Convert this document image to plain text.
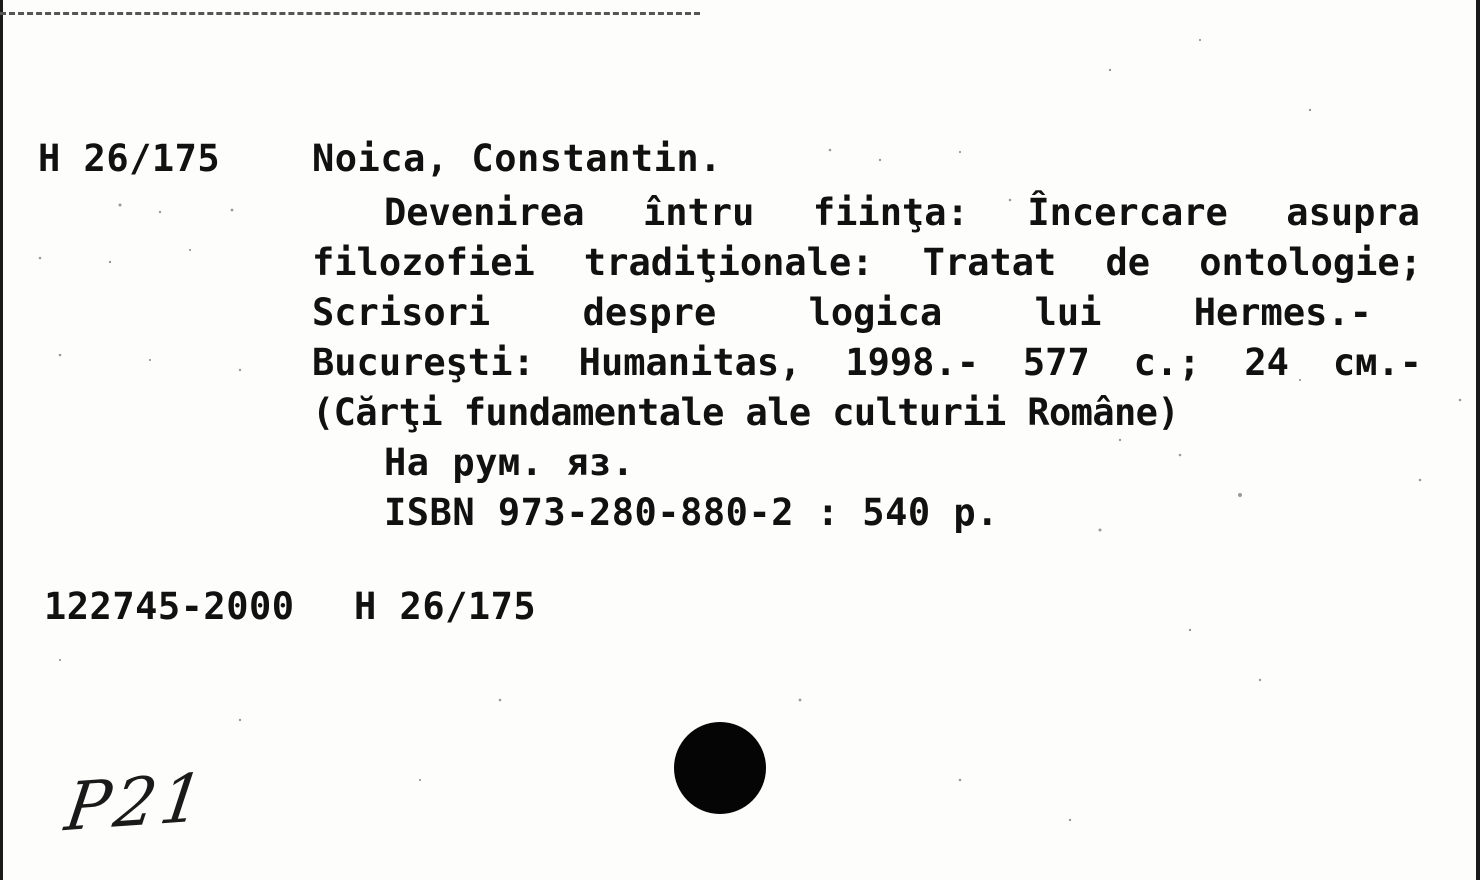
Н 26/175 Noica, Constantin.
Devenirea întru fiinţa: Încercare asupra
filozofiei tradiţionale: Tratat de ontologie;
Scrisori despre logica lui Hermes.-
Bucureşti: Humanitas, 1998.- 577 с.; 24 см.-
(Cărţi fundamentale ale culturii Române)
На рум. яз.
ISBN 973-280-880-2 : 540 р.
122745-2000 Н 26/175
P21
